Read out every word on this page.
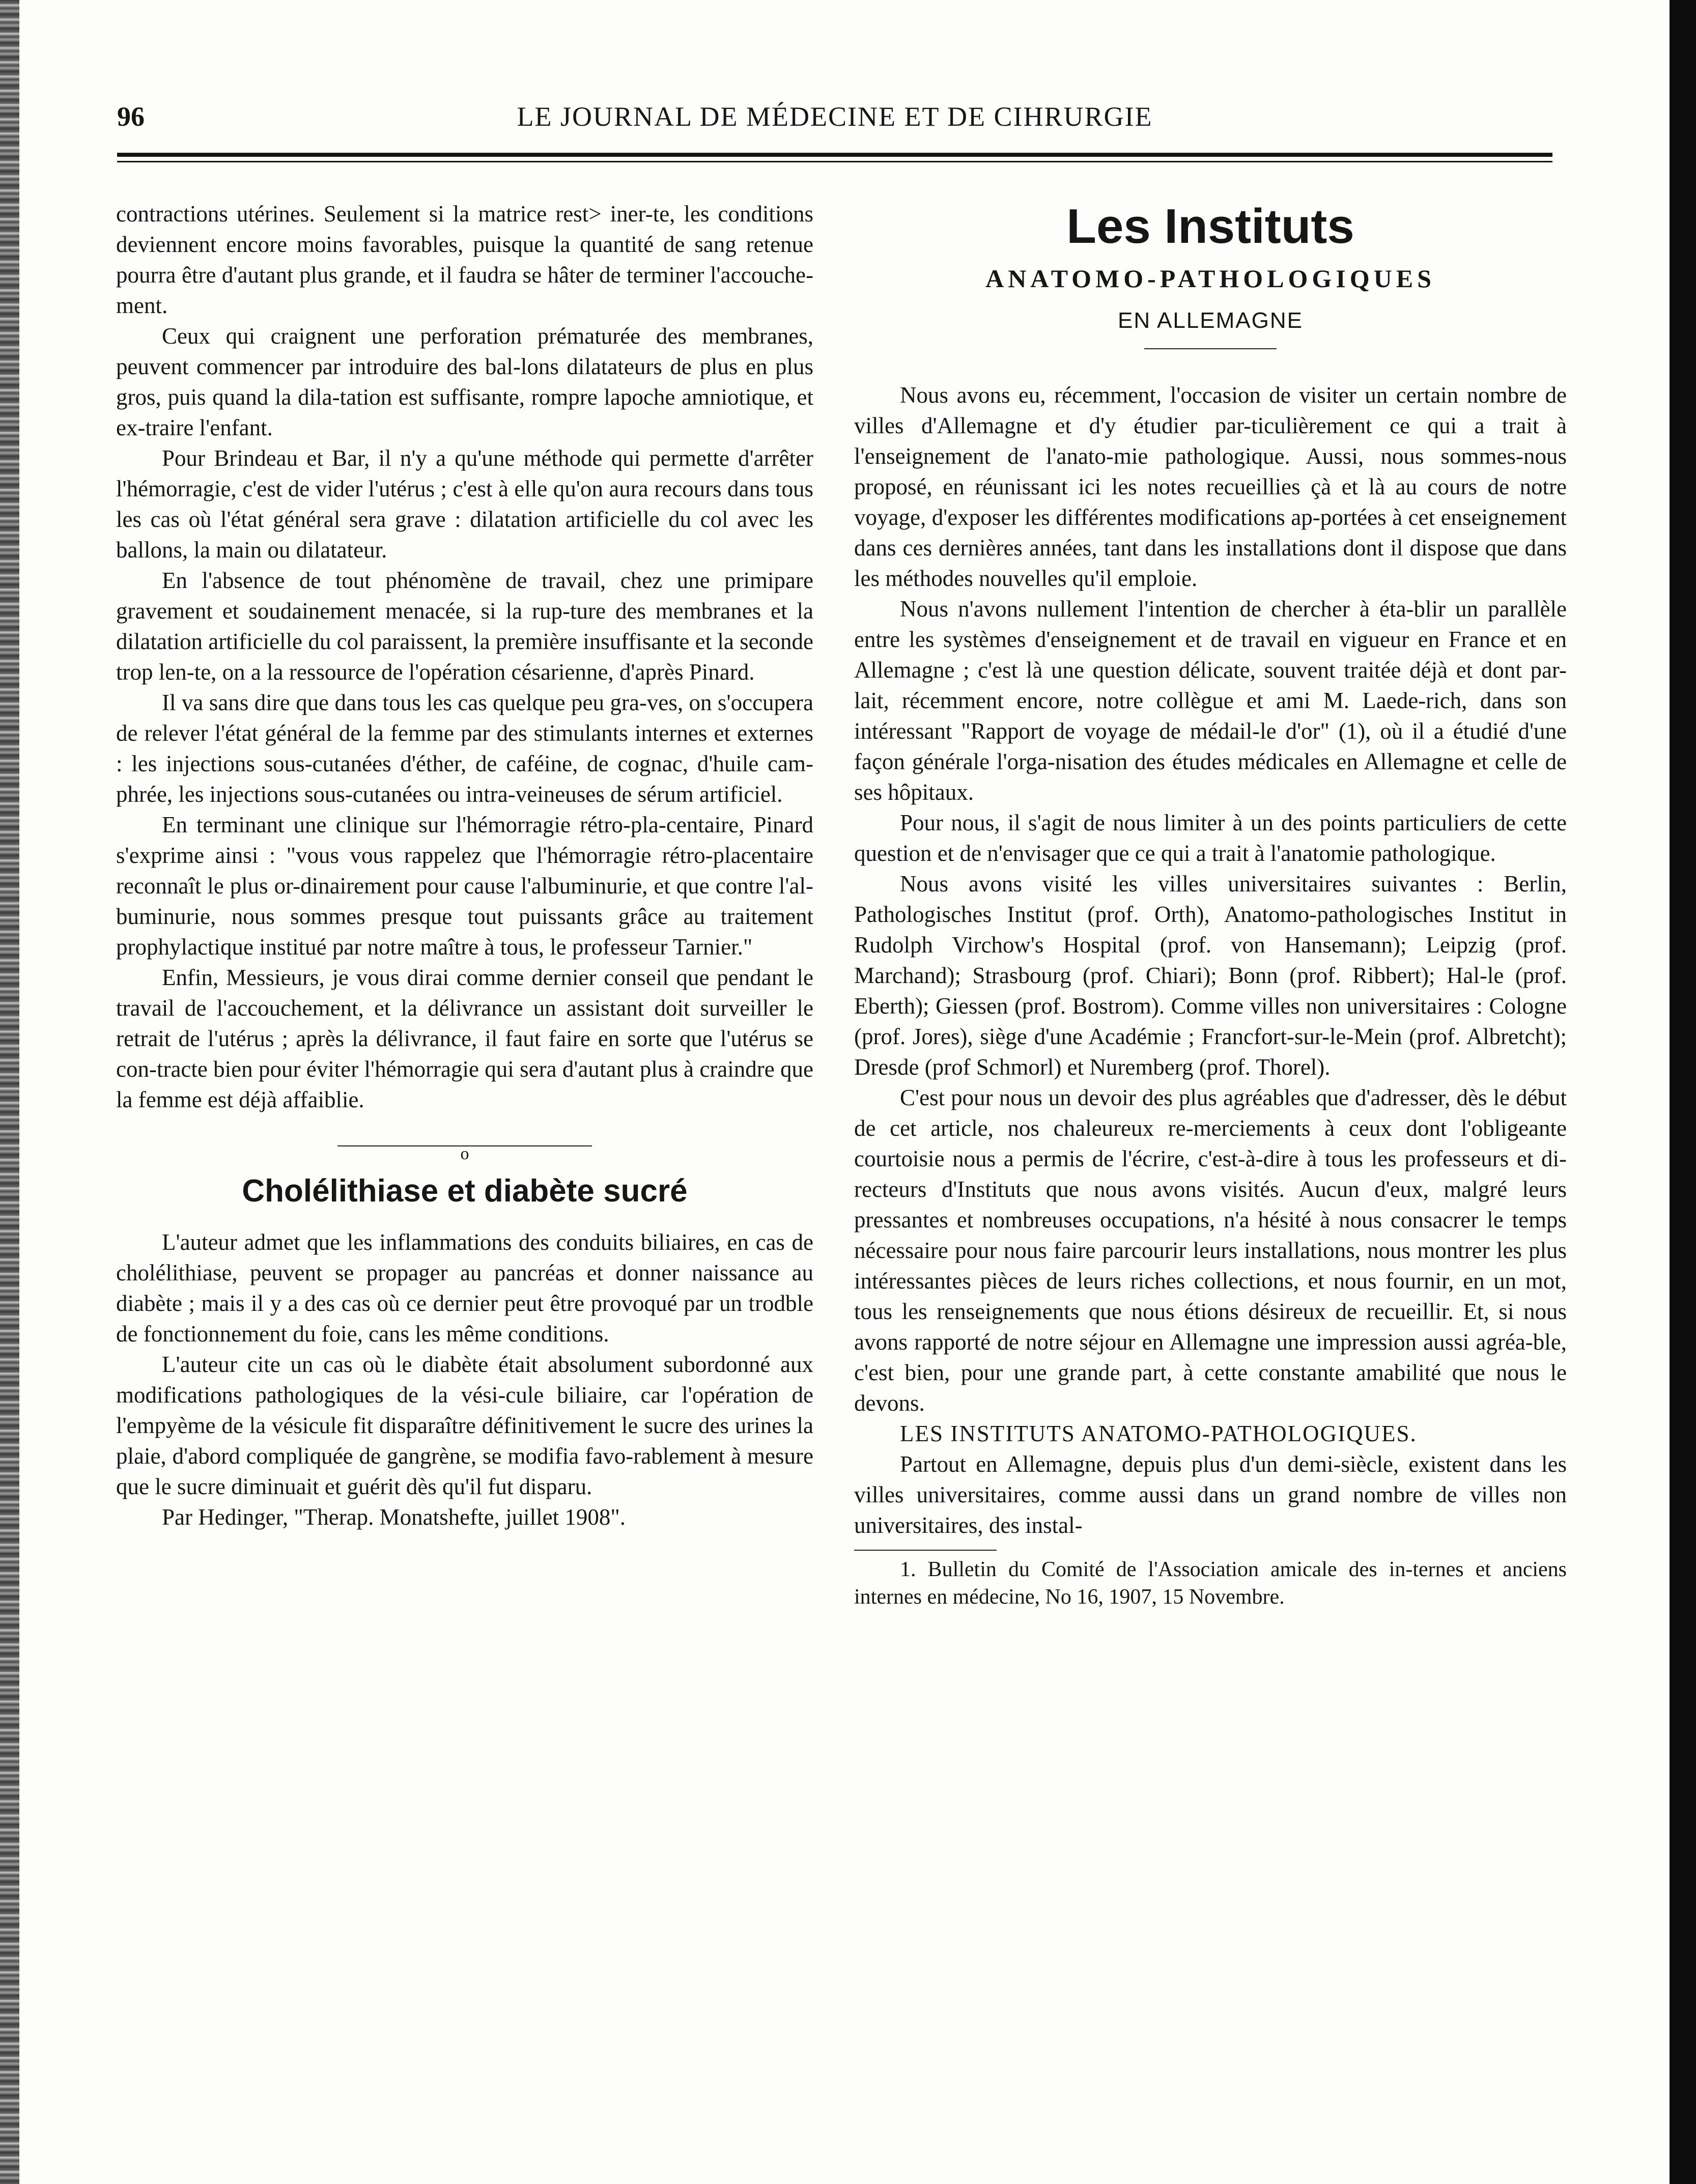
96	LE JOURNAL DE MÉDECINE ET DE CIHRURGIE

contractions utérines. Seulement si la matrice rest> iner-te, les conditions deviennent encore moins favorables, puisque la quantité de sang retenue pourra être d'autant plus grande, et il faudra se hâter de terminer l'accouche-ment.

Ceux qui craignent une perforation prématurée des membranes, peuvent commencer par introduire des bal-lons dilatateurs de plus en plus gros, puis quand la dila-tation est suffisante, rompre lapoche amniotique, et ex-traire l'enfant.

Pour Brindeau et Bar, il n'y a qu'une méthode qui permette d'arrêter l'hémorragie, c'est de vider l'utérus ; c'est à elle qu'on aura recours dans tous les cas où l'état général sera grave : dilatation artificielle du col avec les ballons, la main ou dilatateur.

En l'absence de tout phénomène de travail, chez une primipare gravement et soudainement menacée, si la rup-ture des membranes et la dilatation artificielle du col paraissent, la première insuffisante et la seconde trop len-te, on a la ressource de l'opération césarienne, d'après Pinard.

Il va sans dire que dans tous les cas quelque peu gra-ves, on s'occupera de relever l'état général de la femme par des stimulants internes et externes : les injections sous-cutanées d'éther, de caféine, de cognac, d'huile cam-phrée, les injections sous-cutanées ou intra-veineuses de sérum artificiel.

En terminant une clinique sur l'hémorragie rétro-pla-centaire, Pinard s'exprime ainsi : "vous vous rappelez que l'hémorragie rétro-placentaire reconnaît le plus or-dinairement pour cause l'albuminurie, et que contre l'al-buminurie, nous sommes presque tout puissants grâce au traitement prophylactique institué par notre maître à tous, le professeur Tarnier."

Enfin, Messieurs, je vous dirai comme dernier conseil que pendant le travail de l'accouchement, et la délivrance un assistant doit surveiller le retrait de l'utérus ; après la délivrance, il faut faire en sorte que l'utérus se con-tracte bien pour éviter l'hémorragie qui sera d'autant plus à craindre que la femme est déjà affaiblie.

o
Cholélithiase et diabète sucré

L'auteur admet que les inflammations des conduits biliaires, en cas de cholélithiase, peuvent se propager au pancréas et donner naissance au diabète ; mais il y a des cas où ce dernier peut être provoqué par un trodble de fonctionnement du foie, cans les même conditions.

L'auteur cite un cas où le diabète était absolument subordonné aux modifications pathologiques de la vési-cule biliaire, car l'opération de l'empyème de la vésicule fit disparaître définitivement le sucre des urines la plaie, d'abord compliquée de gangrène, se modifia favo-rablement à mesure que le sucre diminuait et guérit dès qu'il fut disparu.

Par Hedinger, "Therap. Monatshefte, juillet 1908".

Les Instituts
ANATOMO-PATHOLOGIQUES
EN ALLEMAGNE

Nous avons eu, récemment, l'occasion de visiter un certain nombre de villes d'Allemagne et d'y étudier par-ticulièrement ce qui a trait à l'enseignement de l'anato-mie pathologique. Aussi, nous sommes-nous proposé, en réunissant ici les notes recueillies çà et là au cours de notre voyage, d'exposer les différentes modifications ap-portées à cet enseignement dans ces dernières années, tant dans les installations dont il dispose que dans les méthodes nouvelles qu'il emploie.

Nous n'avons nullement l'intention de chercher à éta-blir un parallèle entre les systèmes d'enseignement et de travail en vigueur en France et en Allemagne ; c'est là une question délicate, souvent traitée déjà et dont par-lait, récemment encore, notre collègue et ami M. Laede-rich, dans son intéressant "Rapport de voyage de médail-le d'or" (1), où il a étudié d'une façon générale l'orga-nisation des études médicales en Allemagne et celle de ses hôpitaux.

Pour nous, il s'agit de nous limiter à un des points particuliers de cette question et de n'envisager que ce qui a trait à l'anatomie pathologique.

Nous avons visité les villes universitaires suivantes : Berlin, Pathologisches Institut (prof. Orth), Anatomo-pathologisches Institut in Rudolph Virchow's Hospital (prof. von Hansemann); Leipzig (prof. Marchand); Strasbourg (prof. Chiari); Bonn (prof. Ribbert); Hal-le (prof. Eberth); Giessen (prof. Bostrom). Comme villes non universitaires : Cologne (prof. Jores), siège d'une Académie ; Francfort-sur-le-Mein (prof. Albretcht); Dresde (prof Schmorl) et Nuremberg (prof. Thorel).

C'est pour nous un devoir des plus agréables que d'adresser, dès le début de cet article, nos chaleureux re-merciements à ceux dont l'obligeante courtoisie nous a permis de l'écrire, c'est-à-dire à tous les professeurs et di-recteurs d'Instituts que nous avons visités. Aucun d'eux, malgré leurs pressantes et nombreuses occupations, n'a hésité à nous consacrer le temps nécessaire pour nous faire parcourir leurs installations, nous montrer les plus intéressantes pièces de leurs riches collections, et nous fournir, en un mot, tous les renseignements que nous étions désireux de recueillir. Et, si nous avons rapporté de notre séjour en Allemagne une impression aussi agréa-ble, c'est bien, pour une grande part, à cette constante amabilité que nous le devons.

LES INSTITUTS ANATOMO-PATHOLOGIQUES.

Partout en Allemagne, depuis plus d'un demi-siècle, existent dans les villes universitaires, comme aussi dans un grand nombre de villes non universitaires, des instal-

1. Bulletin du Comité de l'Association amicale des in-ternes et anciens internes en médecine, No 16, 1907, 15 Novembre.
